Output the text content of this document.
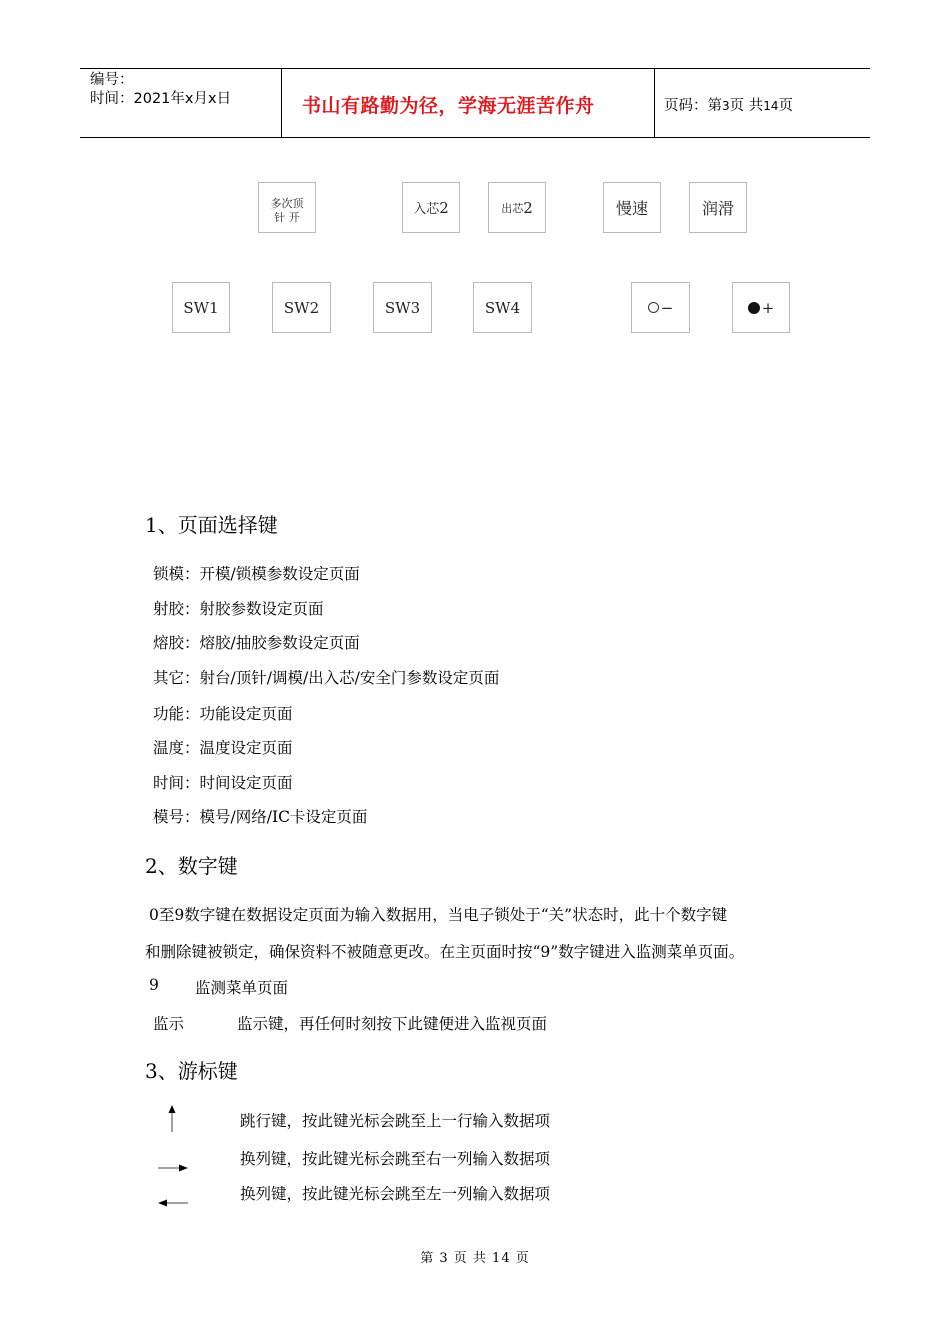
编号：
时间：2021年x月x日	书山有路勤为径，学海无涯苦作舟	页码：第3页 共14页
多次顶
针 开
入芯 2	出芯 2	慢速	润滑
SW1	SW2	SW3	SW4	−	+
1、页面选择键
锁模：开模/锁模参数设定页面
射胶：射胶参数设定页面
熔胶：熔胶/抽胶参数设定页面
其它：射台/顶针/调模/出入芯/安全门参数设定页面
功能：功能设定页面
温度：温度设定页面
时间：时间设定页面
模号：模号/网络/IC卡设定页面
2、数字键
0至9数字键在数据设定页面为输入数据用，当电子锁处于“关”状态时，此十个数字键
和删除键被锁定，确保资料不被随意更改。在主页面时按“9”数字键进入监测菜单页面。
9 监测菜单页面
监示	监示键，再任何时刻按下此键便进入监视页面
3、游标键
跳行键，按此键光标会跳至上一行输入数据项
换列键，按此键光标会跳至右一列输入数据项
换列键，按此键光标会跳至左一列输入数据项
第 3 页 共 14 页
